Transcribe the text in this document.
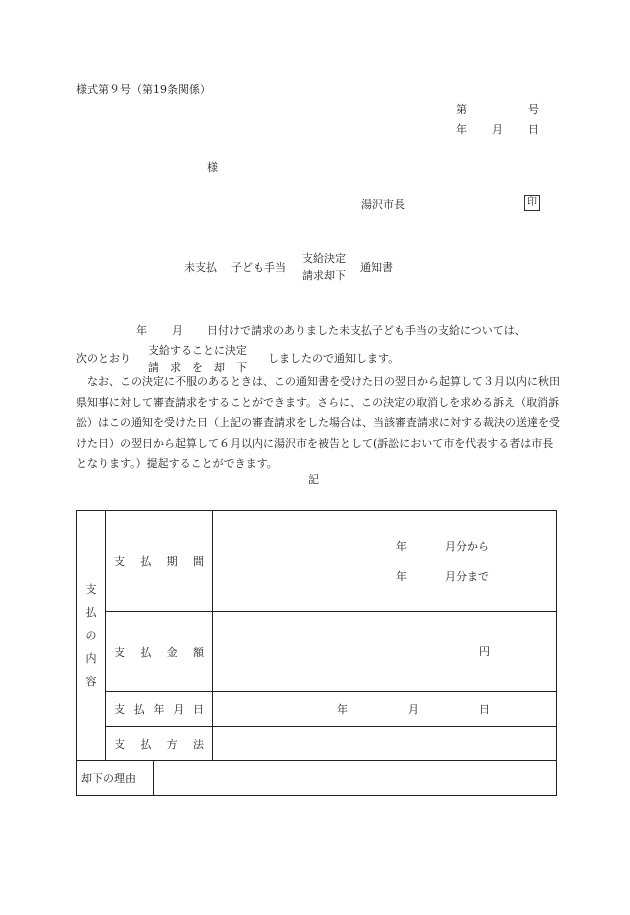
様式第９号（第19条関係）
第	号
年 月 日
様
湯沢市長	印
未支払 子ども手当
支給決定
請求却下
通知書
年 月 日付けで請求のありました未支払子ども手当の支給については、
次のとおり
支給することに決定
請　求　を　却　下
しましたので通知します。

なお、この決定に不服のあるときは、この通知書を受けた日の翌日から起算して３月以内に秋田県知事に対して審査請求をすることができます。さらに、この決定の取消しを求める訴え（取消訴訟）はこの通知を受けた日（上記の審査請求をした場合は、当該審査請求に対する裁決の送達を受けた日）の翌日から起算して６月以内に湯沢市を被告として(訴訟において市を代表する者は市長となります。）提起することができます。

記
支
払
の
内
容	支 払 期 間		年 月分から
年 月分まで

	支 払 金 額		円

	支 払 年 月 日		年 月 日

	支 払 方 法		

却下の理由			
